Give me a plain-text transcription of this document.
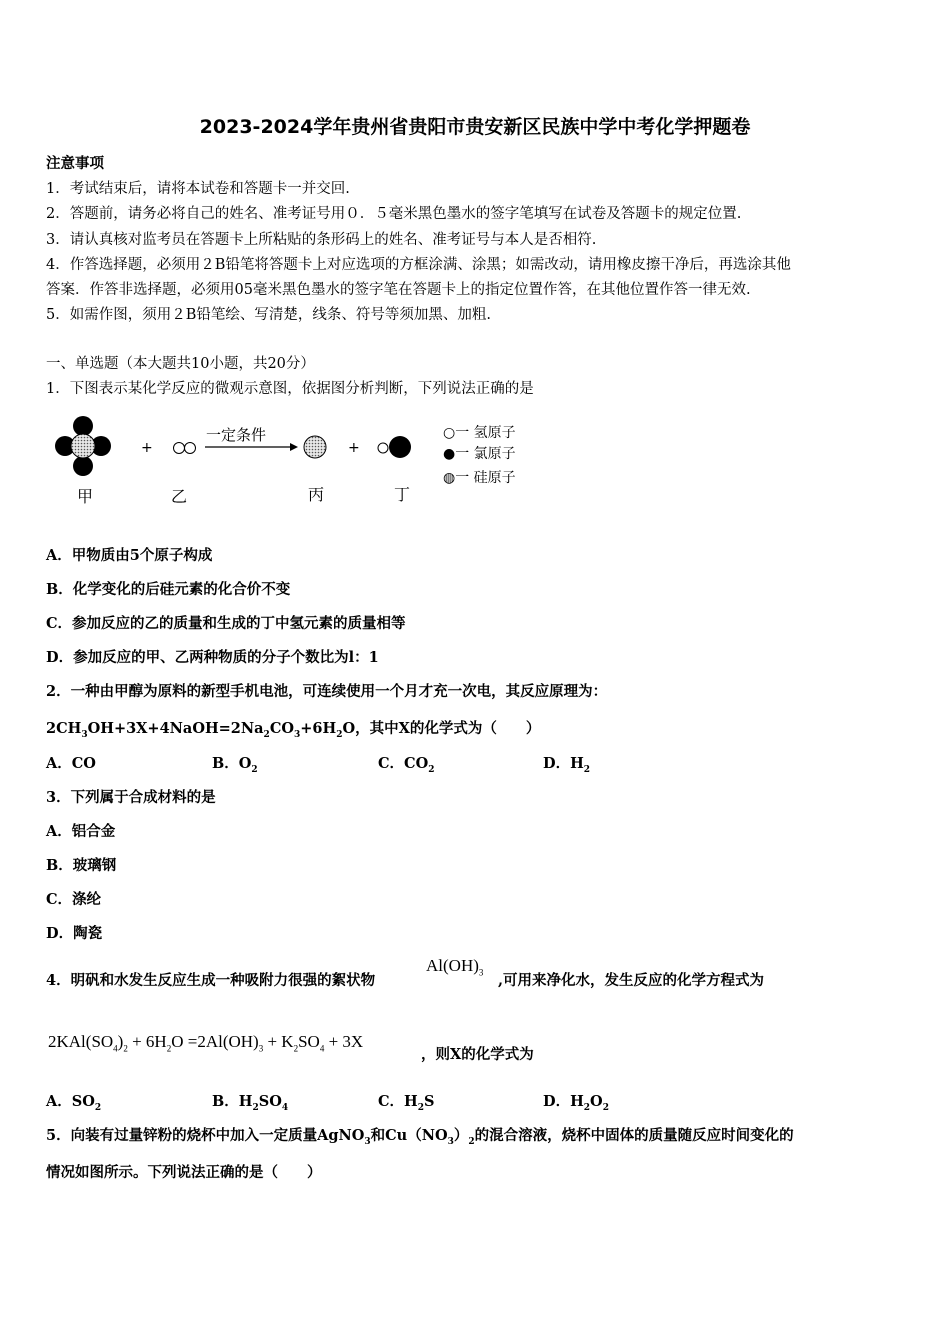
2023-2024学年贵州省贵阳市贵安新区民族中学中考化学押题卷
注意事项
1．考试结束后，请将本试卷和答题卡一并交回.
2．答题前，请务必将自己的姓名、准考证号用０．５毫米黑色墨水的签字笔填写在试卷及答题卡的规定位置.
3．请认真核对监考员在答题卡上所粘贴的条形码上的姓名、准考证号与本人是否相符.
4．作答选择题，必须用２B铅笔将答题卡上对应选项的方框涂满、涂黑；如需改动，请用橡皮擦干净后，再选涂其他
答案．作答非选择题，必须用05毫米黑色墨水的签字笔在答题卡上的指定位置作答，在其他位置作答一律无效.
5．如需作图，须用２B铅笔绘、写清楚，线条、符号等须加黑、加粗.
一、单选题（本大题共10小题，共20分）
1．下图表示某化学反应的微观示意图，依据图分析判断，下列说法正确的是
+
一定条件
+
○一 氢原子
●一 氯原子
◍一 硅原子
甲	乙	丙	丁
A．甲物质由5个原子构成
B．化学变化的后硅元素的化合价不变
C．参加反应的乙的质量和生成的丁中氢元素的质量相等
D．参加反应的甲、乙两种物质的分子个数比为l：1
2．一种由甲醇为原料的新型手机电池，可连续使用一个月才充一次电，其反应原理为：
$2CH_3OH+3X+4NaOH=2Na_2CO_3+6H_2O$，其中X的化学式为（　　）
A．CO	B．$O_2$	C．$CO_2$	D．$H_2$
3．下列属于合成材料的是
A．铝合金
B．玻璃钢
C．涤纶
D．陶瓷
4．明矾和水发生反应生成一种吸附力很强的絮状物
$Al(OH)_3$ ,可用来净化水，发生反应的化学方程式为
$2KAl(SO_4)_2 + 6H_2O =2Al(OH)_3 + K_2SO_4 + 3X$
，则X的化学式为
A．$SO_2$	B．$H_2SO_4$	C．$H_2S$	D．$H_2O_2$
5．向装有过量锌粉的烧杯中加入一定质量AgNO$_3$和$Cu(NO_3)_2$的混合溶液，烧杯中固体的质量随反应时间变化的
情况如图所示。下列说法正确的是（　　）
